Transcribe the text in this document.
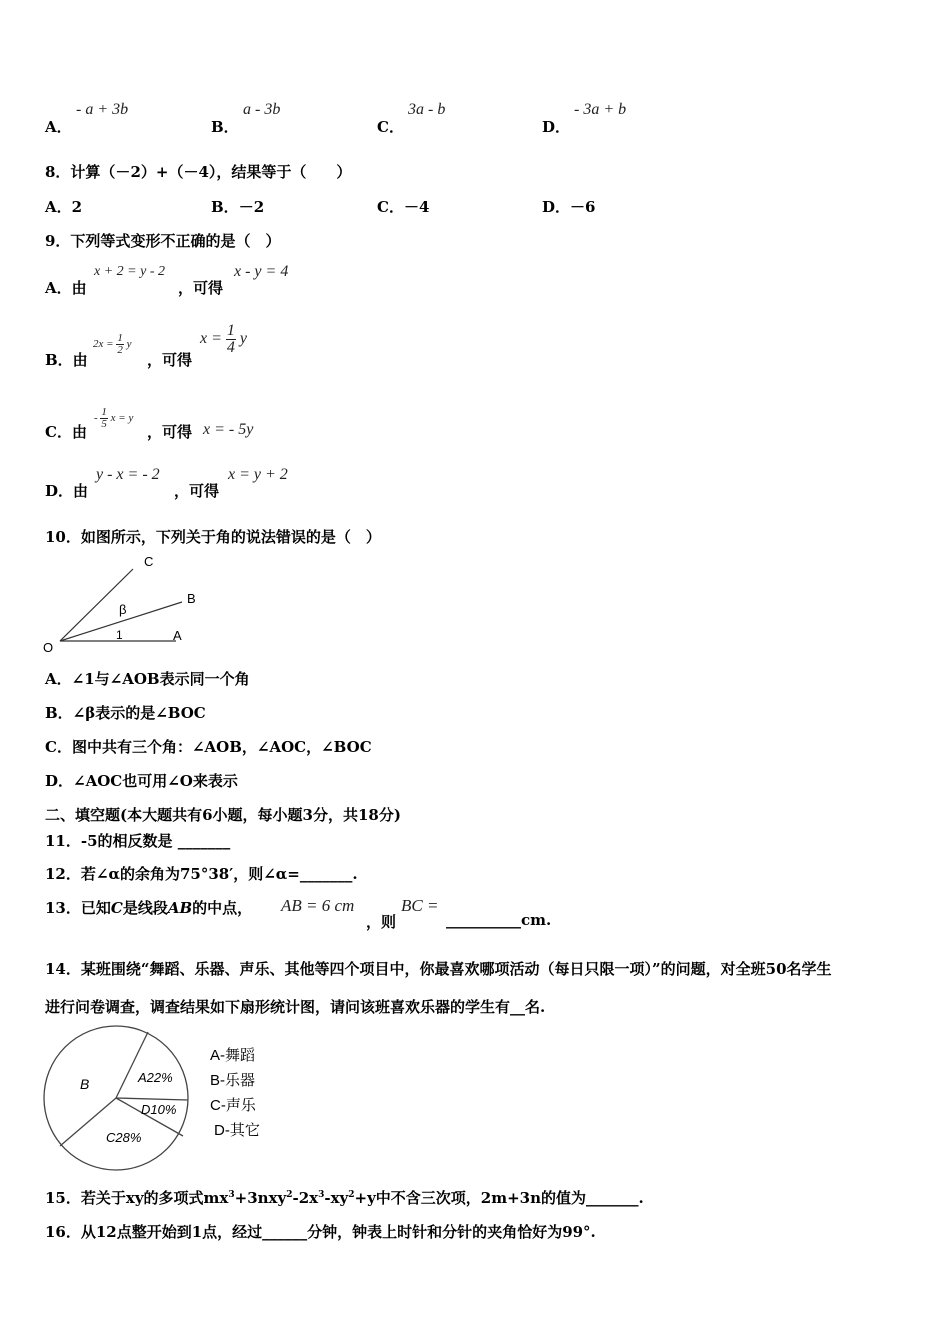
A．
- a + 3b
B．
a - 3b
C．
3a - b
D．
- 3a + b
8．计算（－2）+（－4），结果等于（　　）
A．2	B．－2	C．－4	D．－6
9．下列等式变形不正确的是（　）
A．由
x + 2 = y - 2
，可得
x - y = 4
B．由
$2x = \frac{1}{2}$ y
，可得
$x = \frac{1}{4}$ y
C．由
- $\frac{1}{5}$ x = y
，可得 x = - 5y
D．由
y - x = - 2
，可得
x = y + 2
10．如图所示，下列关于角的说法错误的是（　）
C
B
O
A
β
1
A．∠1与∠AOB表示同一个角
B．∠β表示的是∠BOC
C．图中共有三个角：∠AOB，∠AOC，∠BOC
D．∠AOC也可用∠O来表示
二、填空题(本大题共有6小题，每小题3分，共18分)
11．-5的相反数是 _______
12．若∠α的余角为75°38′，则∠α=_______.
13．已知C是线段AB的中点， AB = 6 cm
，则
BC =
__________cm.
14．某班围绕“舞蹈、乐器、声乐、其他等四个项目中，你最喜欢哪项活动（每日只限一项）”的问题，对全班50名学生
进行问卷调查，调查结果如下扇形统计图，请问该班喜欢乐器的学生有__名.
B	A22%
D10%
C28%
A-舞蹈
B-乐器
C-声乐
D-其它
15．若关于xy的多项式$mx^3+3nxy^2-2x^3-xy^2+y$中不含三次项，2m+3n的值为_______.
16．从12点整开始到1点，经过______分钟，钟表上时针和分针的夹角恰好为99°.
